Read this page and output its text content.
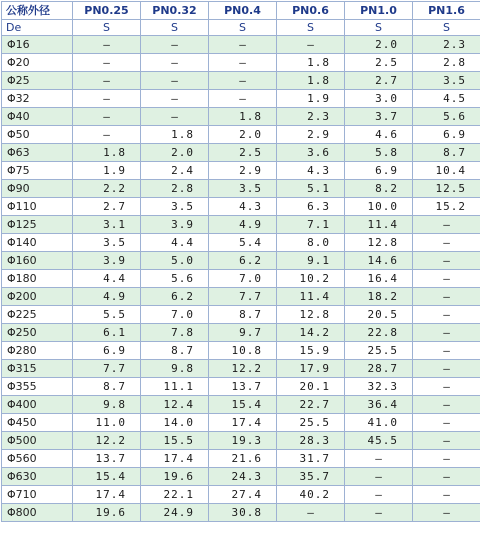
公称外径	PN0.25	PN0.32	PN0.4	PN0.6	PN1.0	PN1.6
De	S	S	S	S	S	S
Φ16	—	—	—	—	2.0	2.3
Φ20	—	—	—	1.8	2.5	2.8
Φ25	—	—	—	1.8	2.7	3.5
Φ32	—	—	—	1.9	3.0	4.5
Φ40	—	—	1.8	2.3	3.7	5.6
Φ50	—	1.8	2.0	2.9	4.6	6.9
Φ63	1.8	2.0	2.5	3.6	5.8	8.7
Φ75	1.9	2.4	2.9	4.3	6.9	10.4
Φ90	2.2	2.8	3.5	5.1	8.2	12.5
Φ110	2.7	3.5	4.3	6.3	10.0	15.2
Φ125	3.1	3.9	4.9	7.1	11.4	—
Φ140	3.5	4.4	5.4	8.0	12.8	—
Φ160	3.9	5.0	6.2	9.1	14.6	—
Φ180	4.4	5.6	7.0	10.2	16.4	—
Φ200	4.9	6.2	7.7	11.4	18.2	—
Φ225	5.5	7.0	8.7	12.8	20.5	—
Φ250	6.1	7.8	9.7	14.2	22.8	—
Φ280	6.9	8.7	10.8	15.9	25.5	—
Φ315	7.7	9.8	12.2	17.9	28.7	—
Φ355	8.7	11.1	13.7	20.1	32.3	—
Φ400	9.8	12.4	15.4	22.7	36.4	—
Φ450	11.0	14.0	17.4	25.5	41.0	—
Φ500	12.2	15.5	19.3	28.3	45.5	—
Φ560	13.7	17.4	21.6	31.7	—	—
Φ630	15.4	19.6	24.3	35.7	—	—
Φ710	17.4	22.1	27.4	40.2	—	—
Φ800	19.6	24.9	30.8	—	—	—
